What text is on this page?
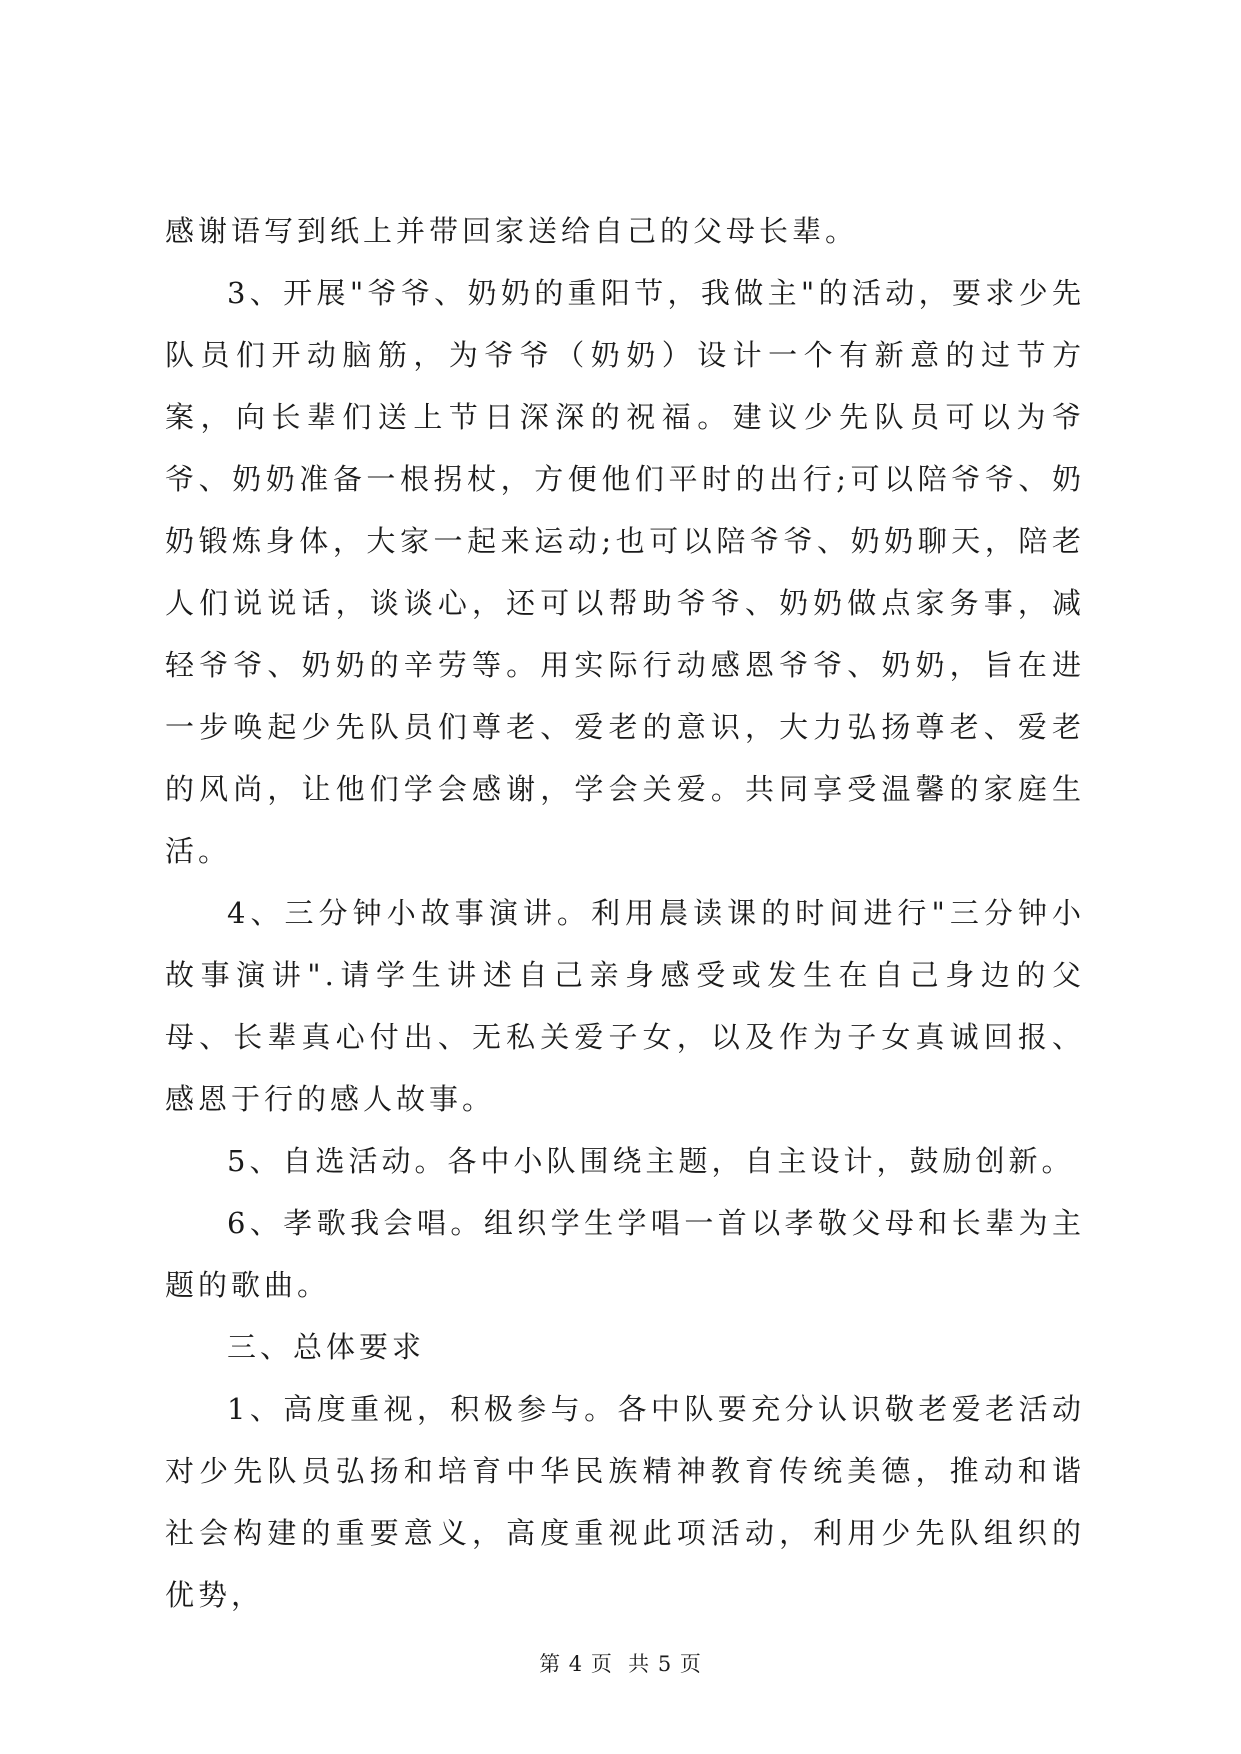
感谢语写到纸上并带回家送给自己的父母长辈。

3、开展"爷爷、奶奶的重阳节，我做主"的活动，要求少先队员们开动脑筋，为爷爷（奶奶）设计一个有新意的过节方案，向长辈们送上节日深深的祝福。建议少先队员可以为爷爷、奶奶准备一根拐杖，方便他们平时的出行;可以陪爷爷、奶奶锻炼身体，大家一起来运动;也可以陪爷爷、奶奶聊天，陪老人们说说话，谈谈心，还可以帮助爷爷、奶奶做点家务事，减轻爷爷、奶奶的辛劳等。用实际行动感恩爷爷、奶奶，旨在进一步唤起少先队员们尊老、爱老的意识，大力弘扬尊老、爱老的风尚，让他们学会感谢，学会关爱。共同享受温馨的家庭生活。

4、三分钟小故事演讲。利用晨读课的时间进行"三分钟小故事演讲".请学生讲述自己亲身感受或发生在自己身边的父母、长辈真心付出、无私关爱子女，以及作为子女真诚回报、感恩于行的感人故事。

5、自选活动。各中小队围绕主题，自主设计，鼓励创新。

6、孝歌我会唱。组织学生学唱一首以孝敬父母和长辈为主题的歌曲。

三、总体要求

1、高度重视，积极参与。各中队要充分认识敬老爱老活动对少先队员弘扬和培育中华民族精神教育传统美德，推动和谐社会构建的重要意义，高度重视此项活动，利用少先队组织的优势，

第 4 页  共 5 页
